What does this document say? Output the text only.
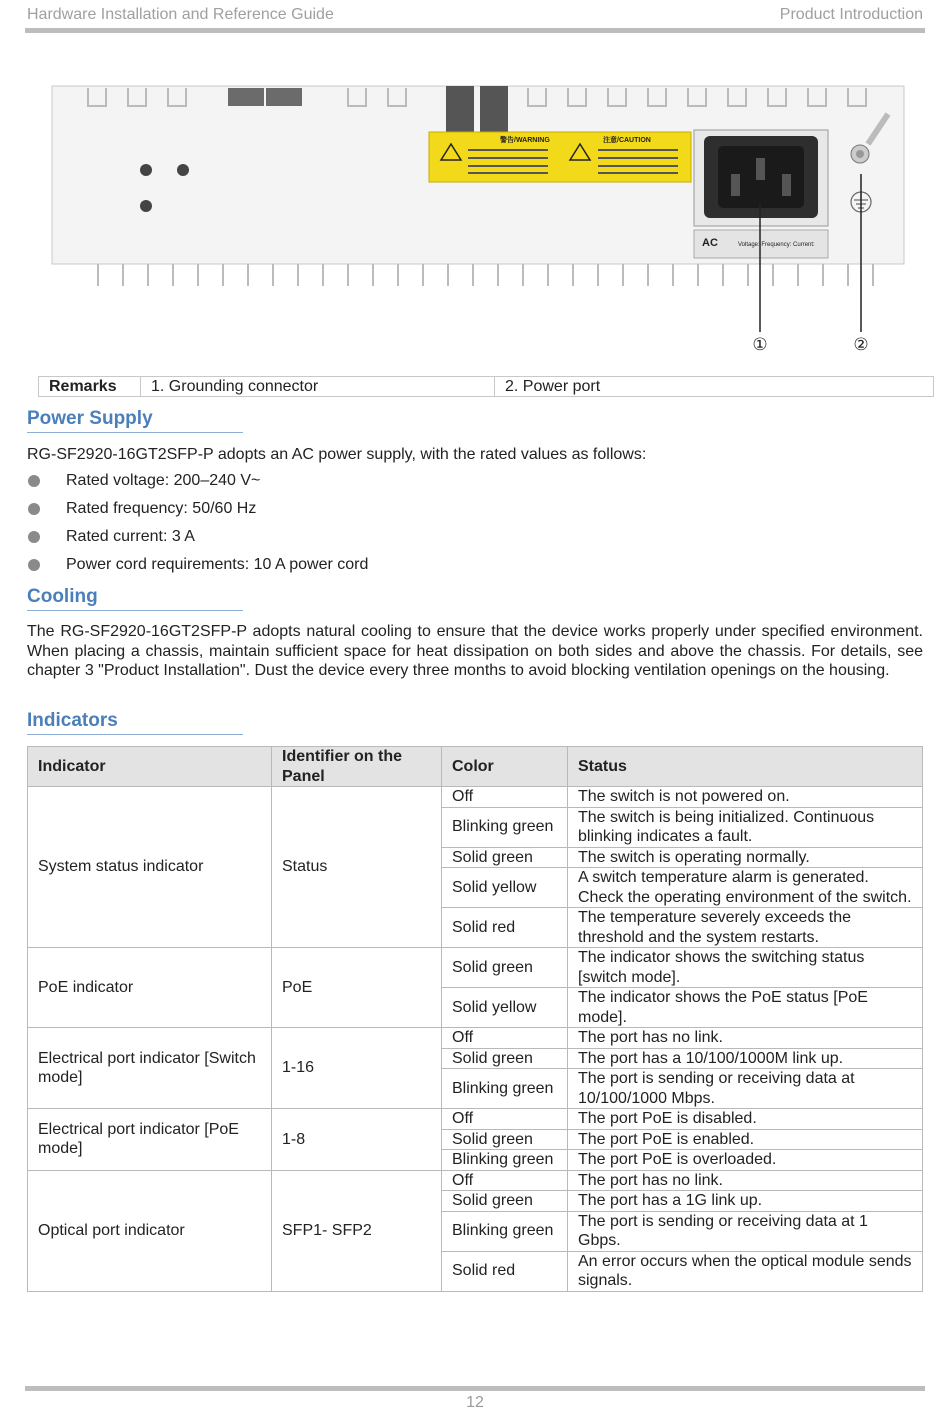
Hardware Installation and Reference Guide	Product Introduction
警告/WARNING	注意/CAUTION
AC	Voltage: Frequency: Current:
①	②
Remarks	1. Grounding connector	2. Power port
Power Supply
RG-SF2920-16GT2SFP-P adopts an AC power supply, with the rated values as follows:
Rated voltage: 200–240 V~
Rated frequency: 50/60 Hz
Rated current: 3 A
Power cord requirements: 10 A power cord
Cooling
The RG-SF2920-16GT2SFP-P adopts natural cooling to ensure that the device works properly under specified environment. When placing a chassis, maintain sufficient space for heat dissipation on both sides and above the chassis. For details, see chapter 3 "Product Installation". Dust the device every three months to avoid blocking ventilation openings on the housing.
Indicators
Indicator	Identifier on the Panel	Color	Status
System status indicator	Status	Off	The switch is not powered on.
		Blinking green	The switch is being initialized. Continuous blinking indicates a fault.
		Solid green	The switch is operating normally.
		Solid yellow	A switch temperature alarm is generated. Check the operating environment of the switch.
		Solid red	The temperature severely exceeds the threshold and the system restarts.
PoE indicator	PoE	Solid green	The indicator shows the switching status [switch mode].
		Solid yellow	The indicator shows the PoE status [PoE mode].
Electrical port indicator [Switch mode]	1-16	Off	The port has no link.
		Solid green	The port has a 10/100/1000M link up.
		Blinking green	The port is sending or receiving data at 10/100/1000 Mbps.
Electrical port indicator [PoE mode]	1-8	Off	The port PoE is disabled.
		Solid green	The port PoE is enabled.
		Blinking green	The port PoE is overloaded.
Optical port indicator	SFP1- SFP2	Off	The port has no link.
		Solid green	The port has a 1G link up.
		Blinking green	The port is sending or receiving data at 1 Gbps.
		Solid red	An error occurs when the optical module sends signals.
12
